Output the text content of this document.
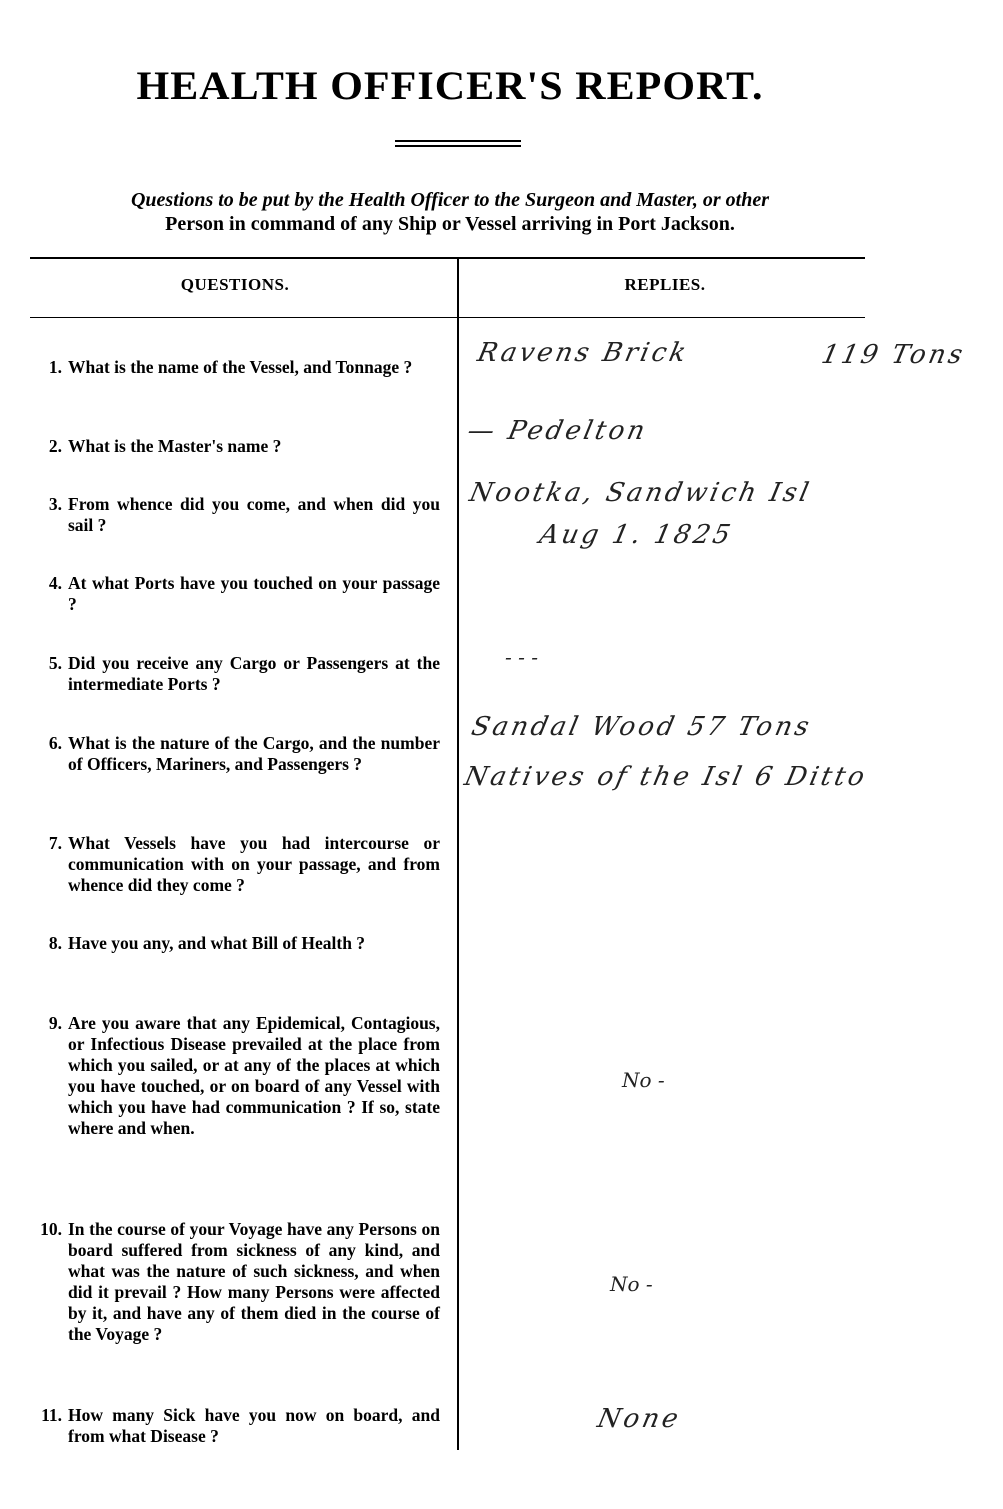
HEALTH OFFICER'S REPORT.
Questions to be put by the Health Officer to the Surgeon and Master, or other
Person in command of any Ship or Vessel arriving in Port Jackson.
QUESTIONS.	REPLIES.
1. What is the name of the Vessel, and Tonnage ?
2. What is the Master's name ?
3. From whence did you come, and when did you sail ?
4. At what Ports have you touched on your passage ?
5. Did you receive any Cargo or Passengers at the intermediate Ports ?
6. What is the nature of the Cargo, and the number of Officers, Mariners, and Passengers ?
7. What Vessels have you had intercourse or communication with on your passage, and from whence did they come ?
8. Have you any, and what Bill of Health ?
9. Are you aware that any Epidemical, Contagious, or Infectious Disease prevailed at the place from which you sailed, or at any of the places at which you have touched, or on board of any Vessel with which you have had communication ? If so, state where and when.
10. In the course of your Voyage have any Persons on board suffered from sickness of any kind, and what was the nature of such sickness, and when did it prevail ? How many Persons were affected by it, and have any of them died in the course of the Voyage ?
11. How many Sick have you now on board, and from what Disease ?
Ravens Brick	119 Tons
— Pedelton
Nootka, Sandwich Isl
Aug 1. 1825
- - -
Sandal Wood 57 Tons
Natives of the Isl 6 Ditto
No -
No -
None
